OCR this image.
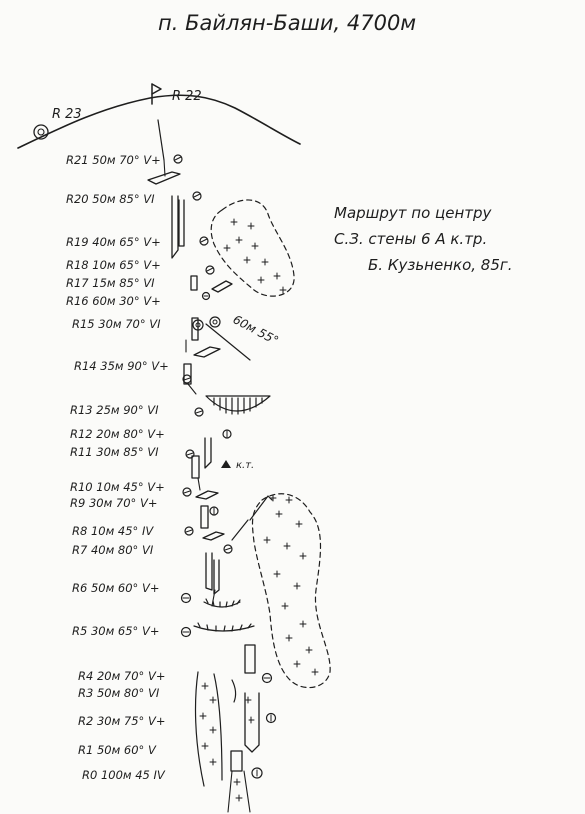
п. Байлян-Баши, 4700м
R 22
R 23
Маршрут по центру
С.З. стены 6 А к.тр.
Б. Кузьненко, 85г.
R21 50м 70° V+
R20 50м 85° VI
R19 40м 65° V+
R18 10м 65° V+
R17 15м 85° VI
R16 60м 30° V+
R15 30м 70° VI
R14 35м 90° V+
R13 25м 90° VI
R12 20м 80° V+
R11 30м 85° VI
R10 10м 45° V+
R9 30м 70° V+
R8 10м 45° IV
R7 40м 80° VI
R6 50м 60° V+
R5 30м 65° V+
R4 20м 70° V+
R3 50м 80° VI
R2 30м 75° V+
R1 50м 60° V
R0 100м 45 IV
60м 55°
к.т.
